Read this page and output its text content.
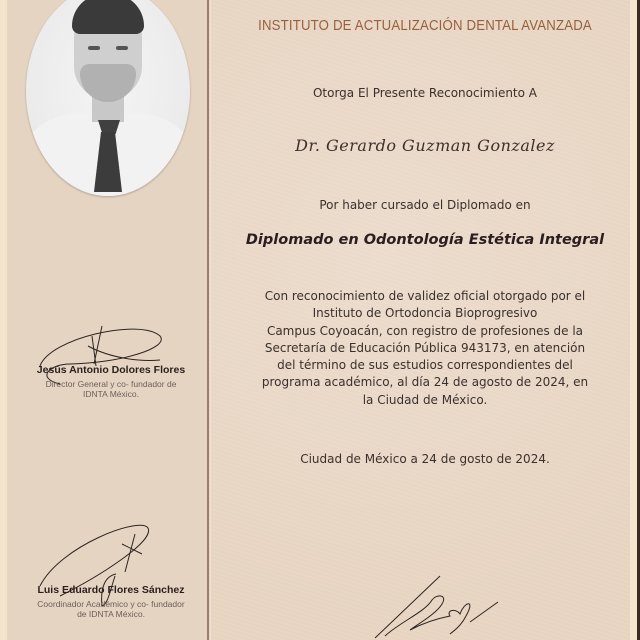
Jesús Antonio Dolores Flores
Director General y co- fundador de
IDNTA México.
Luis Eduardo Flores Sánchez
Coordinador Académico y co- fundador
de IDNTA México.
INSTITUTO DE ACTUALIZACIÓN DENTAL AVANZADA
Otorga El Presente Reconocimiento A
Dr. Gerardo Guzman Gonzalez
Por haber cursado el Diplomado en
Diplomado en Odontología Estética Integral
Con reconocimiento de validez oficial otorgado por el
Instituto de Ortodoncia Bioprogresivo
Campus Coyoacán, con registro de profesiones de la
Secretaría de Educación Pública 943173, en atención
del término de sus estudios correspondientes del
programa académico, al día 24 de agosto de 2024, en
la Ciudad de México.
Ciudad de México a 24 de gosto de 2024.
